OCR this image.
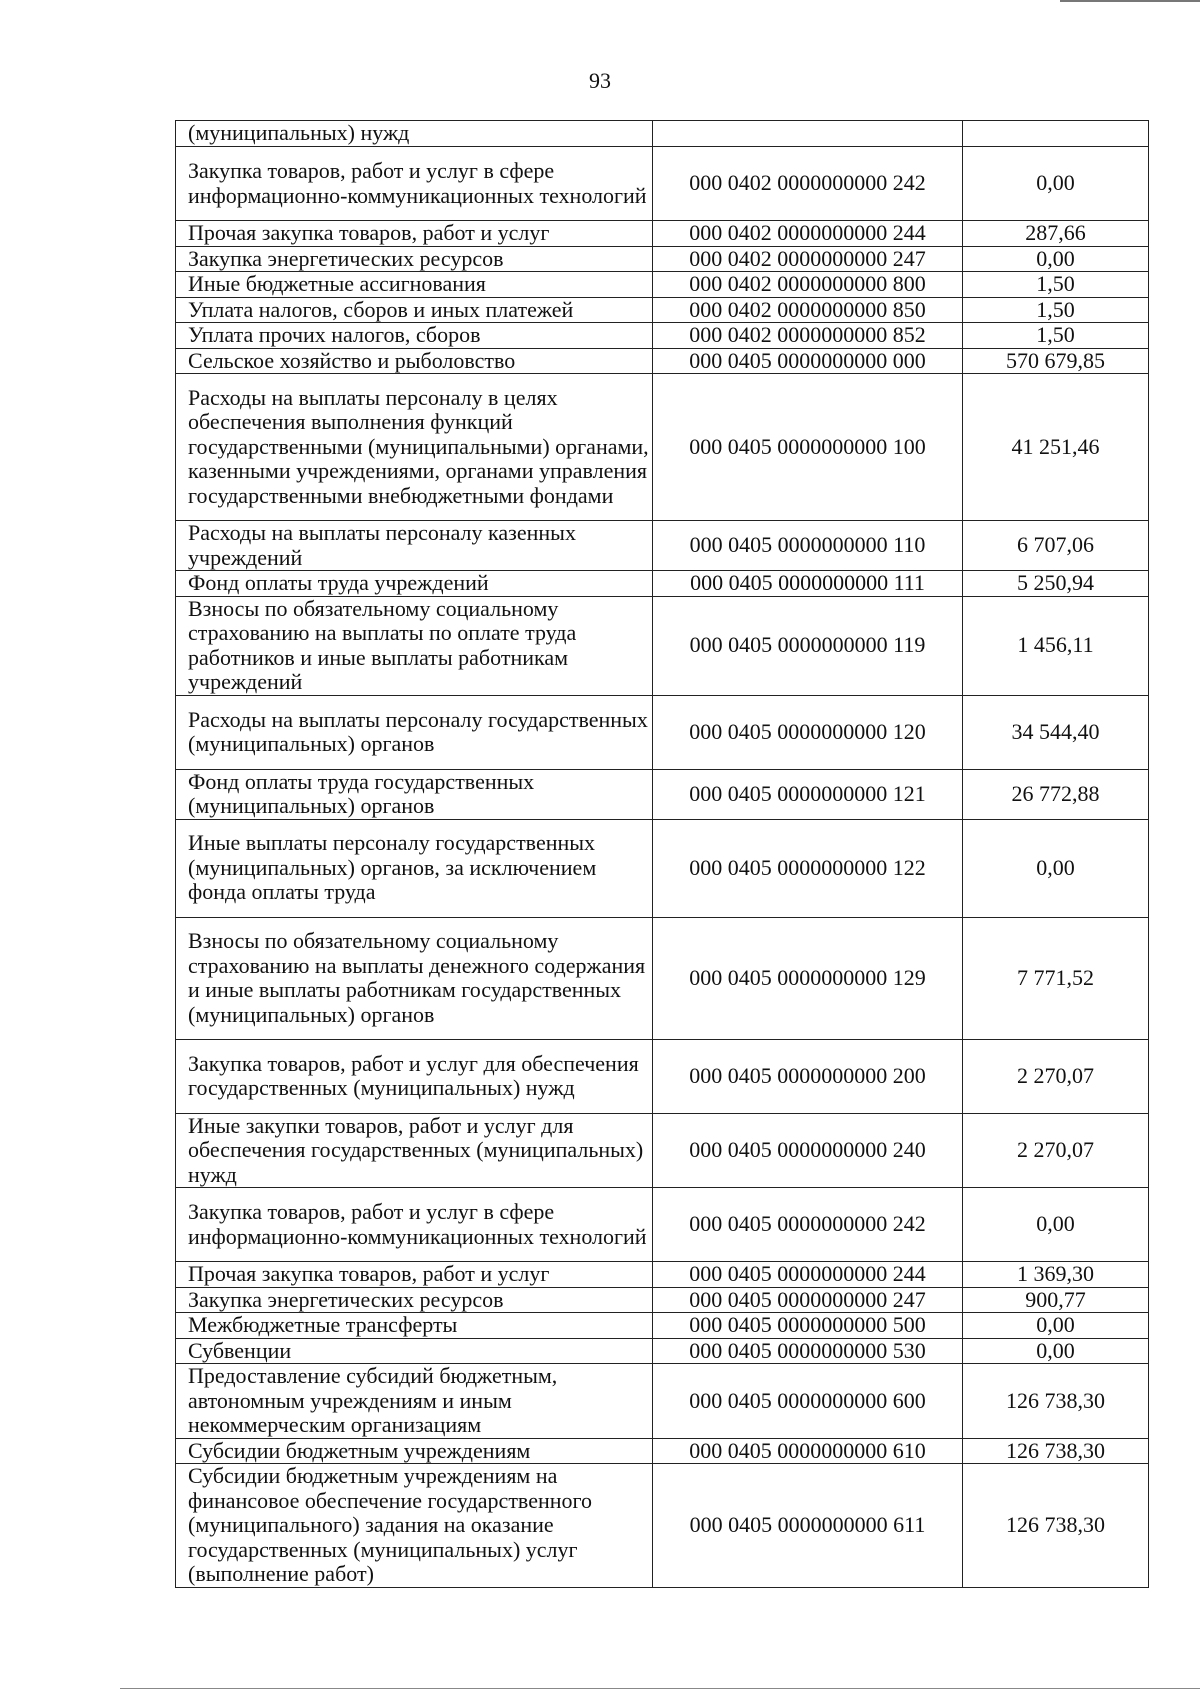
93
(муниципальных) нужд		
Закупка товаров, работ и услуг в сфере информационно-коммуникационных технологий	000 0402 0000000000 242	0,00
Прочая закупка товаров, работ и услуг	000 0402 0000000000 244	287,66
Закупка энергетических ресурсов	000 0402 0000000000 247	0,00
Иные бюджетные ассигнования	000 0402 0000000000 800	1,50
Уплата налогов, сборов и иных платежей	000 0402 0000000000 850	1,50
Уплата прочих налогов, сборов	000 0402 0000000000 852	1,50
Сельское хозяйство и рыболовство	000 0405 0000000000 000	570 679,85
Расходы на выплаты персоналу в целях обеспечения выполнения функций государственными (муниципальными) органами, казенными учреждениями, органами управления государственными внебюджетными фондами	000 0405 0000000000 100	41 251,46
Расходы на выплаты персоналу казенных учреждений	000 0405 0000000000 110	6 707,06
Фонд оплаты труда учреждений	000 0405 0000000000 111	5 250,94
Взносы по обязательному социальному страхованию на выплаты по оплате труда работников и иные выплаты работникам учреждений	000 0405 0000000000 119	1 456,11
Расходы на выплаты персоналу государственных (муниципальных) органов	000 0405 0000000000 120	34 544,40
Фонд оплаты труда государственных (муниципальных) органов	000 0405 0000000000 121	26 772,88
Иные выплаты персоналу государственных (муниципальных) органов, за исключением фонда оплаты труда	000 0405 0000000000 122	0,00
Взносы по обязательному социальному страхованию на выплаты денежного содержания и иные выплаты работникам государственных (муниципальных) органов	000 0405 0000000000 129	7 771,52
Закупка товаров, работ и услуг для обеспечения государственных (муниципальных) нужд	000 0405 0000000000 200	2 270,07
Иные закупки товаров, работ и услуг для обеспечения государственных (муниципальных) нужд	000 0405 0000000000 240	2 270,07
Закупка товаров, работ и услуг в сфере информационно-коммуникационных технологий	000 0405 0000000000 242	0,00
Прочая закупка товаров, работ и услуг	000 0405 0000000000 244	1 369,30
Закупка энергетических ресурсов	000 0405 0000000000 247	900,77
Межбюджетные трансферты	000 0405 0000000000 500	0,00
Субвенции	000 0405 0000000000 530	0,00
Предоставление субсидий бюджетным, автономным учреждениям и иным некоммерческим организациям	000 0405 0000000000 600	126 738,30
Субсидии бюджетным учреждениям	000 0405 0000000000 610	126 738,30
Субсидии бюджетным учреждениям на финансовое обеспечение государственного (муниципального) задания на оказание государственных (муниципальных) услуг (выполнение работ)	000 0405 0000000000 611	126 738,30
